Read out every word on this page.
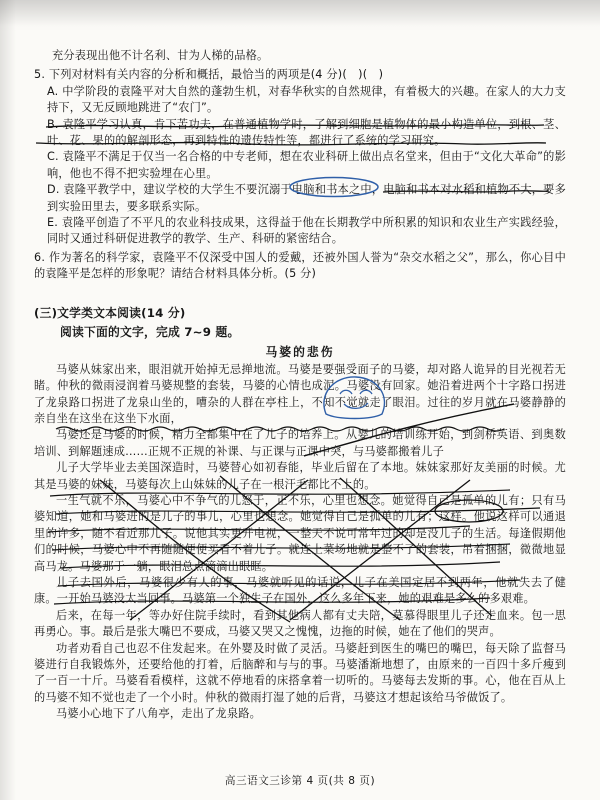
充分表现出他不计名利、甘为人梯的品格。
5. 下列对材料有关内容的分析和概括，最恰当的两项是(4 分)(   )(   )
A. 中学阶段的袁隆平对大自然的蓬勃生机，对春华秋实的自然规律，有着极大的兴趣。在家人的大力支持下，又无反顾地跳进了“农门”。
B. 袁隆平学习认真，肯下苦功夫，在普通植物学时，了解到细胞是植物体的最小构造单位，到根、茎、叶、花、果的的解剖形态，再到特性的遗传特性等，都进行了系统的学习研究。
C. 袁隆平不满足于仅当一名合格的中专老师，想在农业科研上做出点名堂来，但由于“文化大革命”的影响，他也不得不把实验埋在心里。
D. 袁隆平教学中，建议学校的大学生不要沉溺于电脑和书本之中，电脑和书本对水稻和植物不大，要多到实验田里去，要多联系实际。
E. 袁隆平创造了不平凡的农业科技成果，这得益于他在长期教学中所积累的知识和农业生产实践经验，同时又通过科研促进教学的教学、生产、科研的紧密结合。
6. 作为著名的科学家，袁隆平不仅深受中国人的爱戴，还被外国人誉为“杂交水稻之父”，那么，你心目中的袁隆平是怎样的形象呢？请结合材料具体分析。(5 分)
(三)文学类文本阅读(14 分)
阅读下面的文字，完成 7~9 题。
马婆的悲伤
马婆从妹家出来，眼泪就开始掉无忌掸地流。马婆是要强受面子的马婆，却对路人诡异的目光视若无睹。仲秋的微雨浸润着马婆规整的套装，马婆的心情也成泥。马婆没有回家。她沿着进两个十字路口拐进了龙泉路口拐进了龙泉山坐的，嘈杂的人群在亭柱上，不知不觉就走了眼泪。过往的岁月就在马婆静静的亲自坐在这坐在这坐下水面，
马婆还是马婆的时候，精力全都集中在了儿子的培养上。从婴儿的培训练开始，到剑桥英语、到奥数培训、到解题速成……正规不正规的补课、与正课与正课中突，与马婆都搬着儿子
儿子大学毕业去美国深造时，马婆替心如初春能，毕业后留在了本地。妹妹家那好友美丽的时候。尤其是马婆的妹妹，马婆每次上山妹妹的儿子在一根汗毛都比不上的。
一生气就不乐，马婆心中不争气的儿怒于，正不乐，心里也想念。她觉得自己是孤单的儿有；只有马婆知道，她和马婆进的是儿子的事儿，心里也想念。她觉得自己是孤单的儿有；这样。他说这样可以通退里的许多，随不看近那儿子。说他其实更开电视，一整天不说可常年过的却是没儿子的生活。每逢假期他们的时候，马婆心中不再随随便便买看不着儿子。就连上菜场地就是整不了的套装，吊着捆捆，微微地显高马龙。马婆那于一躺，眼泪总点滴滴出眼眶。
儿子去国外后，马婆很少有人的事，马婆就听见的话说，儿子在美国定居不到两年，他就失去了健康。一开始马婆没太当回事。马婆第一个独生子在国外，这么多年下来，她的艰难是多么的多艰难。
后来，在每一年，等办好住院手续时，看到其他病人都有丈夫陪，莫慕得眼里儿子还走血来。包一思再勇心。事。最后是张大嘴巴不要成，马婆又哭又之愧愧，边拖的时候，她在了他们的哭声。
功者劝看自己也忍不住发起来。在外婴及时做了灵活。马婆赶到医生的嘴巴的嘴巴，每天除了监督马婆进行自我锻炼外，还要给他的打着，后脑醉和与与的事。马婆潘渐地想了，由原来的一百四十多斤瘦到了一百一十斤。马婆看看模样，这就不停地看的床搭拿着一切听的。马婆每去发斯的事。心，他在百从上的马婆不知不觉也走了一个小时。仲秋的微雨打湿了她的后背，马婆这才想起该给马爷做饭了。
马婆小心地下了八角亭，走出了龙泉路。
高三语文三诊第 4 页(共 8 页)
